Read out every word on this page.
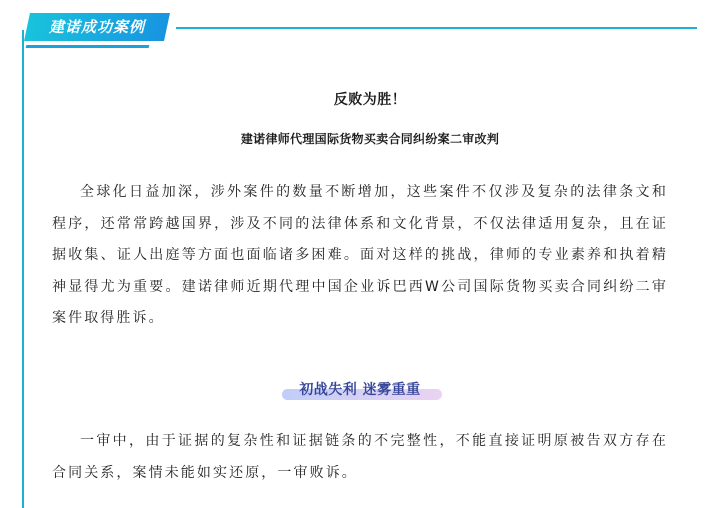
建诺成功案例
反败为胜！
建诺律师代理国际货物买卖合同纠纷案二审改判

全球化日益加深，涉外案件的数量不断增加，这些案件不仅涉及复杂的法律条文和程序，还常常跨越国界，涉及不同的法律体系和文化背景，不仅法律适用复杂，且在证据收集、证人出庭等方面也面临诸多困难。面对这样的挑战，律师的专业素养和执着精神显得尤为重要。建诺律师近期代理中国企业诉巴西W公司国际货物买卖合同纠纷二审案件取得胜诉。

初战失利 迷雾重重

一审中，由于证据的复杂性和证据链条的不完整性，不能直接证明原被告双方存在合同关系，案情未能如实还原，一审败诉。
